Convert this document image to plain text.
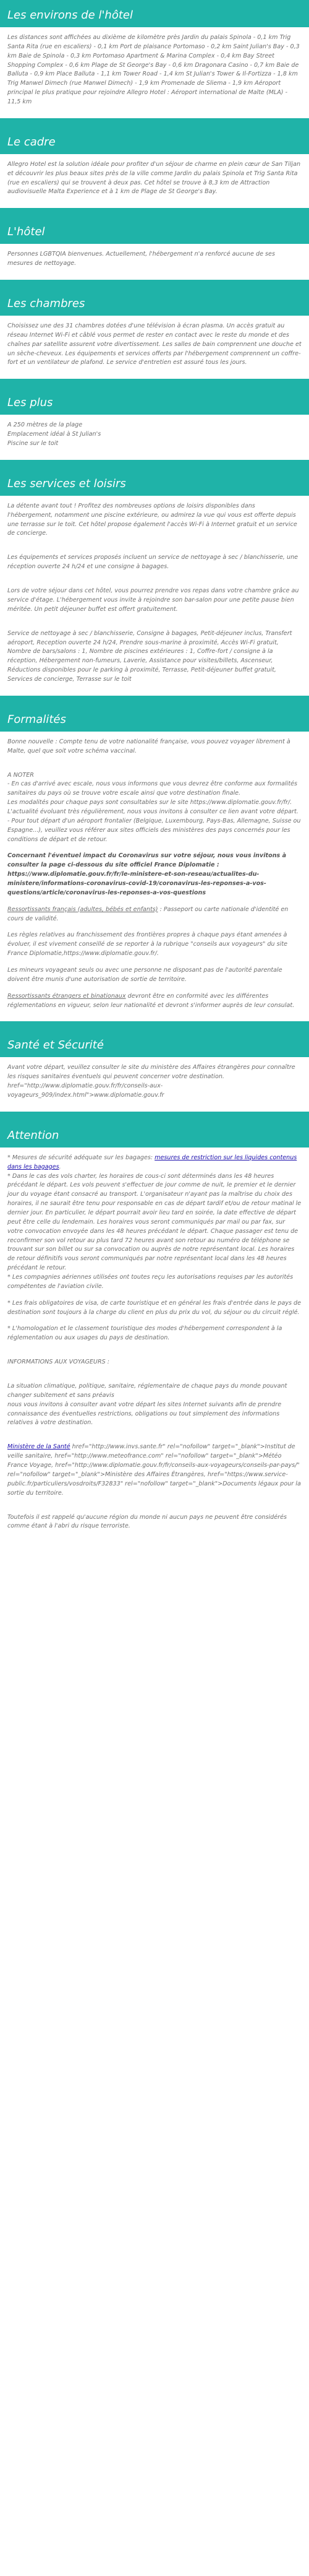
Les environs de l'hôtel

Les distances sont affichées au dixième de kilomètre près Jardin du palais Spinola - 0,1 km Trig Santa Rita (rue en escaliers) - 0,1 km Port de plaisance Portomaso - 0,2 km Saint Julian's Bay - 0,3 km Baie de Spinola - 0,3 km Portomaso Apartment & Marina Complex - 0,4 km Bay Street Shopping Complex - 0,6 km Plage de St George's Bay - 0,6 km Dragonara Casino - 0,7 km Baie de Balluta - 0,9 km Place Balluta - 1,1 km Tower Road - 1,4 km St Julian's Tower & Il-Fortizza - 1,8 km Trig Manwel Dimech (rue Manwel Dimech) - 1,9 km Promenade de Sliema - 1,9 km Aéroport principal le plus pratique pour rejoindre Allegro Hotel : Aéroport international de Malte (MLA) - 11,5 km

Le cadre

Allegro Hotel est la solution idéale pour profiter d'un séjour de charme en plein cœur de San Tiljan et découvrir les plus beaux sites près de la ville comme Jardin du palais Spinola et Trig Santa Rita (rue en escaliers) qui se trouvent à deux pas. Cet hôtel se trouve à 8,3 km de Attraction audiovisuelle Malta Experience et à 1 km de Plage de St George's Bay.

L'hôtel

Personnes LGBTQIA bienvenues. Actuellement, l'hébergement n'a renforcé aucune de ses mesures de nettoyage.

Les chambres

Choisissez une des 31 chambres dotées d'une télévision à écran plasma. Un accès gratuit au réseau Internet Wi-Fi et câblé vous permet de rester en contact avec le reste du monde et des chaînes par satellite assurent votre divertissement. Les salles de bain comprennent une douche et un sèche-cheveux. Les équipements et services offerts par l'hébergement comprennent un coffre-fort et un ventilateur de plafond. Le service d'entretien est assuré tous les jours.

Les plus
A 250 mètres de la plage
Emplacement idéal à St Julian's
Piscine sur le toit
Les services et loisirs

La détente avant tout ! Profitez des nombreuses options de loisirs disponibles dans l'hébergement, notamment une piscine extérieure, ou admirez la vue qui vous est offerte depuis une terrasse sur le toit. Cet hôtel propose également l'accès Wi-Fi à Internet gratuit et un service de concierge.

Les équipements et services proposés incluent un service de nettoyage à sec / blanchisserie, une réception ouverte 24 h/24 et une consigne à bagages.

Lors de votre séjour dans cet hôtel, vous pourrez prendre vos repas dans votre chambre grâce au service d'étage. L'hébergement vous invite à rejoindre son bar-salon pour une petite pause bien méritée. Un petit déjeuner buffet est offert gratuitement.

Service de nettoyage à sec / blanchisserie, Consigne à bagages, Petit-déjeuner inclus, Transfert aéroport, Reception ouverte 24 h/24, Prendre sous-marine à proximité, Accès Wi-Fi gratuit, Nombre de bars/salons : 1, Nombre de piscines extérieures : 1, Coffre-fort / consigne à la réception, Hébergement non-fumeurs, Laverie, Assistance pour visites/billets, Ascenseur, Réductions disponibles pour le parking à proximité, Terrasse, Petit-déjeuner buffet gratuit, Services de concierge, Terrasse sur le toit

Formalités

Bonne nouvelle : Compte tenu de votre nationalité française, vous pouvez voyager librement à Malte, quel que soit votre schéma vaccinal.

A NOTER
- En cas d'arrivé avec escale, nous vous informons que vous devrez être conforme aux formalités sanitaires du pays où se trouve votre escale ainsi que votre destination finale.
Les modalités pour chaque pays sont consultables sur le site https://www.diplomatie.gouv.fr/fr/. L'actualité évoluant très régulièrement, nous vous invitons à consulter ce lien avant votre départ.
- Pour tout départ d'un aéroport frontalier (Belgique, Luxembourg, Pays-Bas, Allemagne, Suisse ou Espagne...), veuillez vous référer aux sites officiels des ministères des pays concernés pour les conditions de départ et de retour.

Concernant l'éventuel impact du Coronavirus sur votre séjour, nous vous invitons à consulter la page ci-dessous du site officiel France Diplomatie : https://www.diplomatie.gouv.fr/fr/le-ministere-et-son-reseau/actualites-du-ministere/informations-coronavirus-covid-19/coronavirus-les-reponses-a-vos-questions/article/coronavirus-les-reponses-a-vos-questions

Ressortissants français (adultes, bébés et enfants) : Passeport ou carte nationale d'identité en cours de validité.

Les règles relatives au franchissement des frontières propres à chaque pays étant amenées à évoluer, il est vivement conseillé de se reporter à la rubrique "conseils aux voyageurs" du site France Diplomatie,https://www.diplomatie.gouv.fr/.

Les mineurs voyageant seuls ou avec une personne ne disposant pas de l'autorité parentale doivent être munis d'une autorisation de sortie de territoire.

Ressortissants étrangers et binationaux devront être en conformité avec les différentes réglementations en vigueur, selon leur nationalité et devront s'informer auprès de leur consulat.

Santé et Sécurité

Avant votre départ, veuillez consulter le site du ministère des Affaires étrangères pour connaître les risques sanitaires éventuels qui peuvent concerner votre destination. href="http://www.diplomatie.gouv.fr/fr/conseils-aux-voyageurs_909/index.html">www.diplomatie.gouv.fr

Attention

* Mesures de sécurité adéquate sur les bagages: mesures de restriction sur les liquides contenus dans les bagages.
* Dans le cas des vols charter, les horaires de cous-ci sont déterminés dans les 48 heures précédant le départ. Les vols peuvent s'effectuer de jour comme de nuit, le premier et le dernier jour du voyage étant consacré au transport. L'organisateur n'ayant pas la maîtrise du choix des horaires, il ne saurait être tenu pour responsable en cas de départ tardif et/ou de retour matinal le dernier jour. En particulier, le départ pourrait avoir lieu tard en soirée, la date effective de départ peut être celle du lendemain. Les horaires vous seront communiqués par mail ou par fax, sur votre convocation envoyée dans les 48 heures précédant le départ. Chaque passager est tenu de reconfirmer son vol retour au plus tard 72 heures avant son retour au numéro de téléphone se trouvant sur son billet ou sur sa convocation ou auprès de notre représentant local. Les horaires de retour définitifs vous seront communiqués par notre représentant local dans les 48 heures précédant le retour.
* Les compagnies aériennes utilisées ont toutes reçu les autorisations requises par les autorités compétentes de l'aviation civile.

* Les frais obligatoires de visa, de carte touristique et en général les frais d'entrée dans le pays de destination sont toujours à la charge du client en plus du prix du vol, du séjour ou du circuit réglé.

* L'homologation et le classement touristique des modes d'hébergement correspondent à la réglementation ou aux usages du pays de destination.

INFORMATIONS AUX VOYAGEURS :

La situation climatique, politique, sanitaire, réglementaire de chaque pays du monde pouvant changer subitement et sans préavis
nous vous invitons à consulter avant votre départ les sites Internet suivants afin de prendre connaissance des éventuelles restrictions, obligations ou tout simplement des informations relatives à votre destination.

Ministère de la Santé href="http://www.invs.sante.fr" rel="nofollow" target="_blank">Institut de veille sanitaire, href="http://www.meteofrance.com" rel="nofollow" target="_blank">Météo France Voyage, href="http://www.diplomatie.gouv.fr/fr/conseils-aux-voyageurs/conseils-par-pays/" rel="nofollow" target="_blank">Ministère des Affaires Étrangères, href="https://www.service-public.fr/particuliers/vosdroits/F32833" rel="nofollow" target="_blank">Documents légaux pour la sortie du territoire.

Toutefois il est rappelé qu'aucune région du monde ni aucun pays ne peuvent être considérés comme étant à l'abri du risque terroriste.
